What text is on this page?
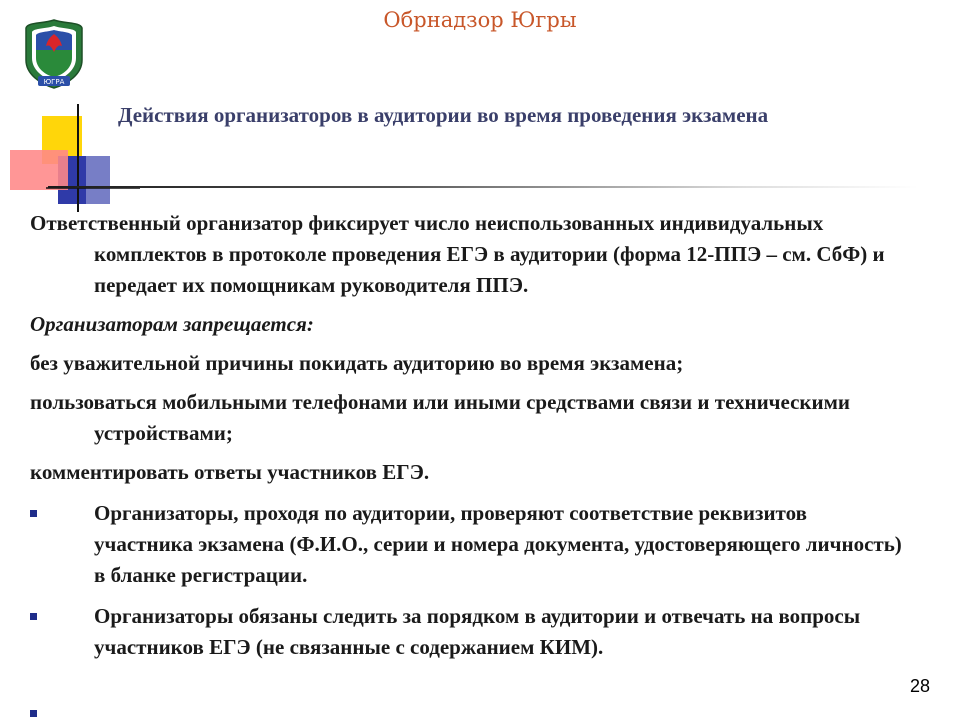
Обрнадзор Югры
ЮГРА
Действия организаторов в аудитории во время проведения экзамена

Ответственный организатор фиксирует число неиспользованных индивидуальных комплектов в протоколе проведения ЕГЭ в аудитории (форма 12-ППЭ – см. СбФ) и передает их помощникам руководителя ППЭ.

Организаторам запрещается:

без уважительной причины покидать аудиторию во время экзамена;

пользоваться мобильными телефонами или иными средствами связи и техническими устройствами;

комментировать ответы участников ЕГЭ.

Организаторы, проходя по аудитории, проверяют соответствие реквизитов участника экзамена (Ф.И.О., серии и номера документа, удостоверяющего личность) в бланке регистрации.
Организаторы обязаны следить за порядком в аудитории и отвечать на вопросы участников ЕГЭ (не связанные с содержанием КИМ).
28
